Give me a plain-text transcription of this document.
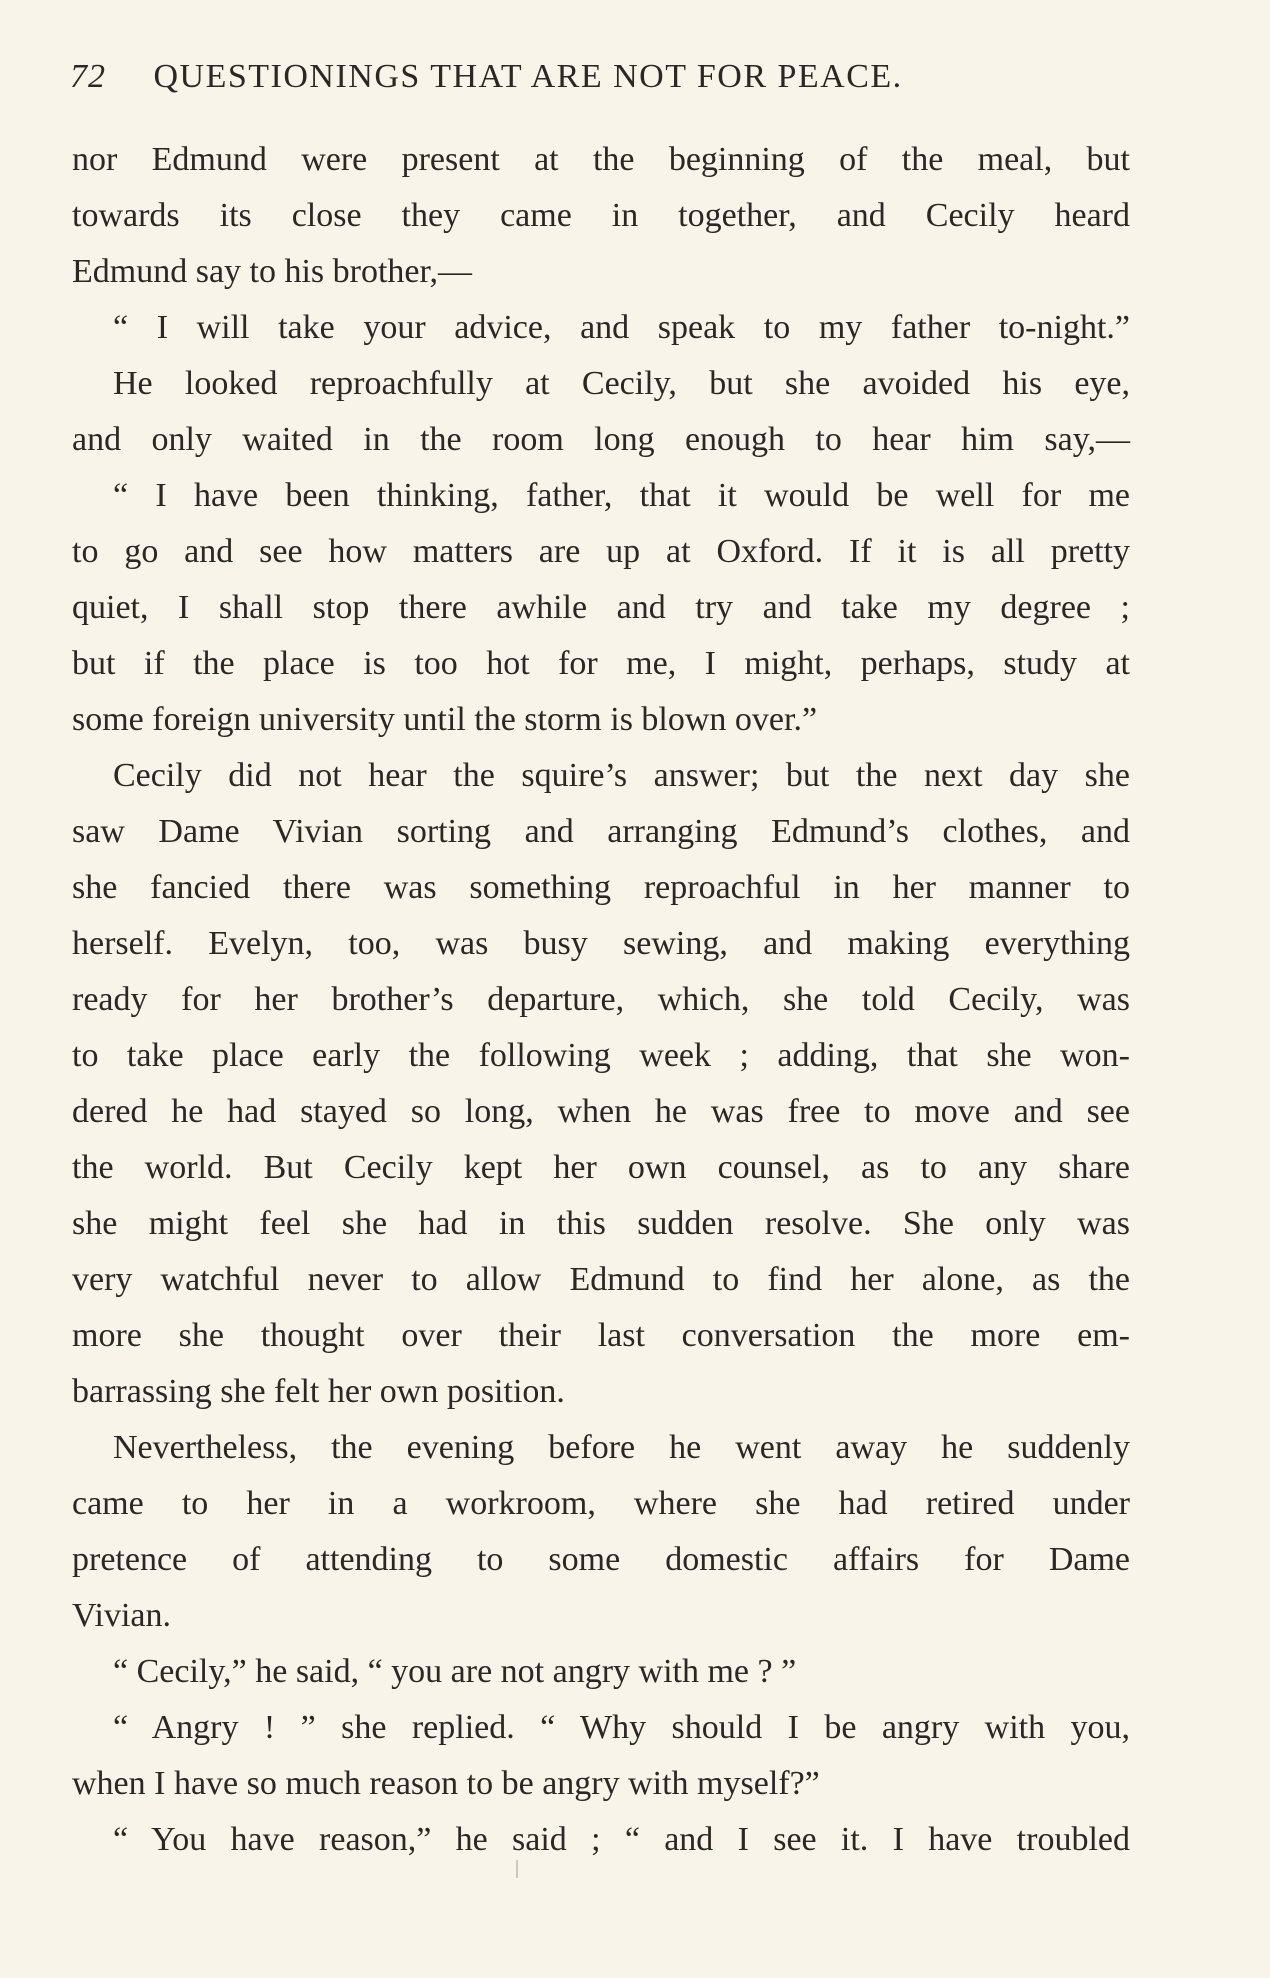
72 QUESTIONINGS THAT ARE NOT FOR PEACE.
nor Edmund were present at the beginning of the meal, but
towards its close they came in together, and Cecily heard
Edmund say to his brother,—
“ I will take your advice, and speak to my father to-night.”
He looked reproachfully at Cecily, but she avoided his eye,
and only waited in the room long enough to hear him say,—
“ I have been thinking, father, that it would be well for me
to go and see how matters are up at Oxford. If it is all pretty
quiet, I shall stop there awhile and try and take my degree ;
but if the place is too hot for me, I might, perhaps, study at
some foreign university until the storm is blown over.”
Cecily did not hear the squire’s answer; but the next day she
saw Dame Vivian sorting and arranging Edmund’s clothes, and
she fancied there was something reproachful in her manner to
herself. Evelyn, too, was busy sewing, and making everything
ready for her brother’s departure, which, she told Cecily, was
to take place early the following week ; adding, that she won-
dered he had stayed so long, when he was free to move and see
the world. But Cecily kept her own counsel, as to any share
she might feel she had in this sudden resolve. She only was
very watchful never to allow Edmund to find her alone, as the
more she thought over their last conversation the more em-
barrassing she felt her own position.
Nevertheless, the evening before he went away he suddenly
came to her in a workroom, where she had retired under
pretence of attending to some domestic affairs for Dame
Vivian.
“ Cecily,” he said, “ you are not angry with me ? ”
“ Angry ! ” she replied. “ Why should I be angry with you,
when I have so much reason to be angry with myself?”
“ You have reason,” he said ; “ and I see it. I have troubled
